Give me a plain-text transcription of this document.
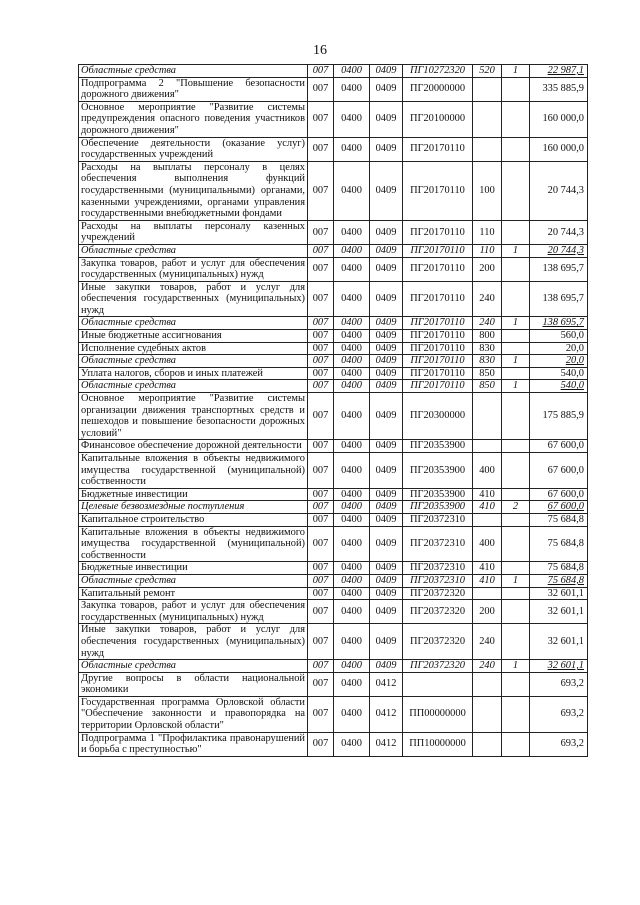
16
Областные средства	007	0400	0409	ПГ10272320	520	1	22 987,1
Подпрограмма 2 "Повышение безопасности дорожного движения"	007	0400	0409	ПГ20000000			335 885,9
Основное мероприятие "Развитие системы предупреждения опасного поведения участников дорожного движения"	007	0400	0409	ПГ20100000			160 000,0
Обеспечение деятельности (оказание услуг) государственных учреждений	007	0400	0409	ПГ20170110			160 000,0
Расходы на выплаты персоналу в целях обеспечения выполнения функций государственными (муниципальными) органами, казенными учреждениями, органами управления государственными внебюджетными фондами	007	0400	0409	ПГ20170110	100		20 744,3
Расходы на выплаты персоналу казенных учреждений	007	0400	0409	ПГ20170110	110		20 744,3
Областные средства	007	0400	0409	ПГ20170110	110	1	20 744,3
Закупка товаров, работ и услуг для обеспечения государственных (муниципальных) нужд	007	0400	0409	ПГ20170110	200		138 695,7
Иные закупки товаров, работ и услуг для обеспечения государственных (муниципальных) нужд	007	0400	0409	ПГ20170110	240		138 695,7
Областные средства	007	0400	0409	ПГ20170110	240	1	138 695,7
Иные бюджетные ассигнования	007	0400	0409	ПГ20170110	800		560,0
Исполнение судебных актов	007	0400	0409	ПГ20170110	830		20,0
Областные средства	007	0400	0409	ПГ20170110	830	1	20,0
Уплата налогов, сборов и иных платежей	007	0400	0409	ПГ20170110	850		540,0
Областные средства	007	0400	0409	ПГ20170110	850	1	540,0
Основное мероприятие "Развитие системы организации движения транспортных средств и пешеходов и повышение безопасности дорожных условий"	007	0400	0409	ПГ20300000			175 885,9
Финансовое обеспечение дорожной деятельности	007	0400	0409	ПГ20353900			67 600,0
Капитальные вложения в объекты недвижимого имущества государственной (муниципальной) собственности	007	0400	0409	ПГ20353900	400		67 600,0
Бюджетные инвестиции	007	0400	0409	ПГ20353900	410		67 600,0
Целевые безвозмездные поступления	007	0400	0409	ПГ20353900	410	2	67 600,0
Капитальное строительство	007	0400	0409	ПГ20372310			75 684,8
Капитальные вложения в объекты недвижимого имущества государственной (муниципальной) собственности	007	0400	0409	ПГ20372310	400		75 684,8
Бюджетные инвестиции	007	0400	0409	ПГ20372310	410		75 684,8
Областные средства	007	0400	0409	ПГ20372310	410	1	75 684,8
Капитальный ремонт	007	0400	0409	ПГ20372320			32 601,1
Закупка товаров, работ и услуг для обеспечения государственных (муниципальных) нужд	007	0400	0409	ПГ20372320	200		32 601,1
Иные закупки товаров, работ и услуг для обеспечения государственных (муниципальных) нужд	007	0400	0409	ПГ20372320	240		32 601,1
Областные средства	007	0400	0409	ПГ20372320	240	1	32 601,1
Другие вопросы в области национальной экономики	007	0400	0412				693,2
Государственная программа Орловской области "Обеспечение законности и правопорядка на территории Орловской области"	007	0400	0412	ПП00000000			693,2
Подпрограмма 1 "Профилактика правонарушений и борьба с преступностью"	007	0400	0412	ПП10000000			693,2
